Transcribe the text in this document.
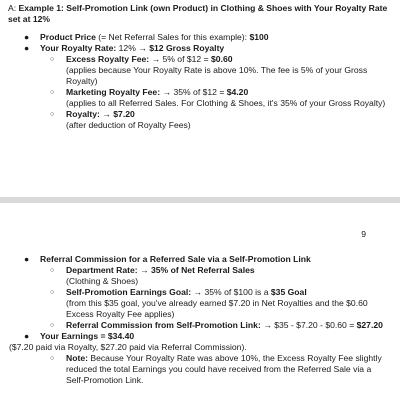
A: Example 1: Self-Promotion Link (own Product) in Clothing & Shoes with Your Royalty Rate set at 12%
● Product Price (= Net Referral Sales for this example): $100
● Your Royalty Rate: 12% → $12 Gross Royalty
○ Excess Royalty Fee: → 5% of $12 = $0.60
(applies because Your Royalty Rate is above 10%. The fee is 5% of your Gross Royalty)
○ Marketing Royalty Fee: → 35% of $12 = $4.20
(applies to all Referred Sales. For Clothing & Shoes, it's 35% of your Gross Royalty)
○ Royalty: → $7.20
(after deduction of Royalty Fees)
9
● Referral Commission for a Referred Sale via a Self-Promotion Link
○ Department Rate: → 35% of Net Referral Sales
(Clothing & Shoes)
○ Self-Promotion Earnings Goal: → 35% of $100 is a $35 Goal
(from this $35 goal, you've already earned $7.20 in Net Royalties and the $0.60 Excess Royalty Fee applies)
○ Referral Commission from Self-Promotion Link: → $35 - $7.20 - $0.60 = $27.20
●	Your Earnings = $34.40
($7.20 paid via Royalty, $27.20 paid via Referral Commission).
○ Note: Because Your Royalty Rate was above 10%, the Excess Royalty Fee slightly reduced the total Earnings you could have received from the Referred Sale via a Self-Promotion Link.
